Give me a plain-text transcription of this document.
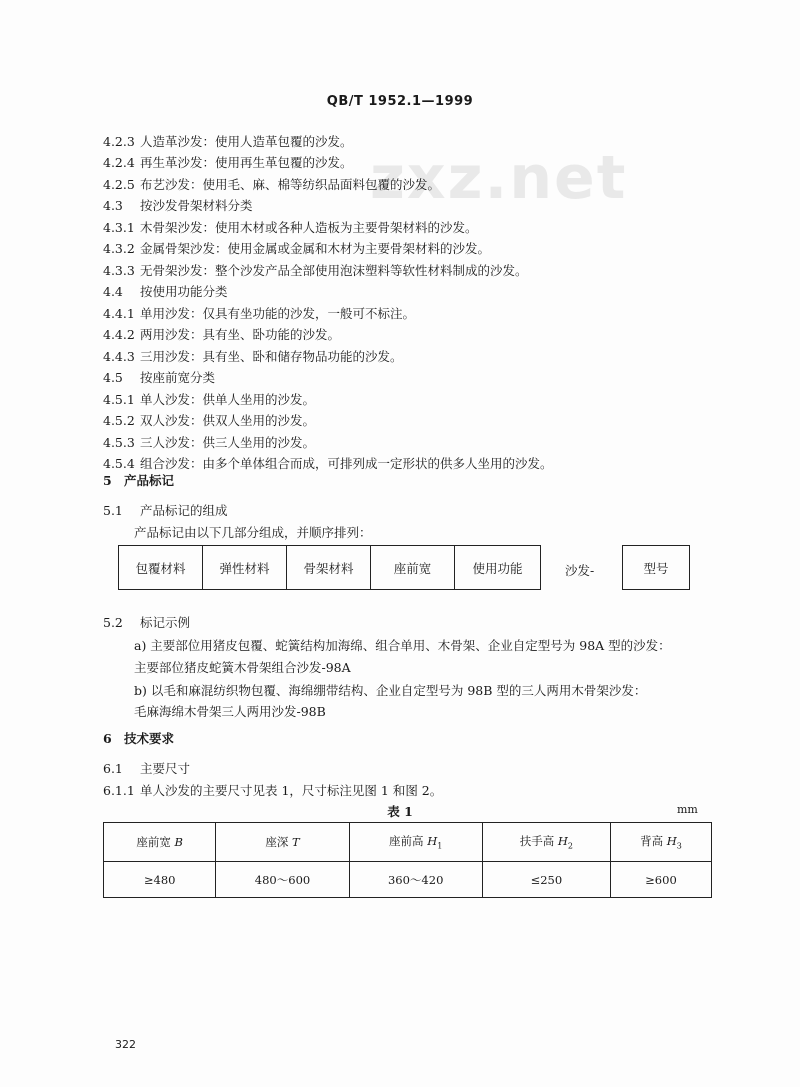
QB/T 1952.1—1999
zxz.net
4.2.3 人造革沙发：使用人造革包覆的沙发。
4.2.4 再生革沙发：使用再生革包覆的沙发。
4.2.5 布艺沙发：使用毛、麻、棉等纺织品面料包覆的沙发。
4.3 按沙发骨架材料分类
4.3.1 木骨架沙发：使用木材或各种人造板为主要骨架材料的沙发。
4.3.2 金属骨架沙发：使用金属或金属和木材为主要骨架材料的沙发。
4.3.3 无骨架沙发：整个沙发产品全部使用泡沫塑料等软性材料制成的沙发。
4.4 按使用功能分类
4.4.1 单用沙发：仅具有坐功能的沙发，一般可不标注。
4.4.2 两用沙发：具有坐、卧功能的沙发。
4.4.3 三用沙发：具有坐、卧和储存物品功能的沙发。
4.5 按座前宽分类
4.5.1 单人沙发：供单人坐用的沙发。
4.5.2 双人沙发：供双人坐用的沙发。
4.5.3 三人沙发：供三人坐用的沙发。
4.5.4 组合沙发：由多个单体组合而成，可排列成一定形状的供多人坐用的沙发。
5 产品标记
5.1 产品标记的组成
产品标记由以下几部分组成，并顺序排列：
包覆材料	弹性材料	骨架材料	座前宽	使用功能	沙发-	型号
5.2 标记示例
a) 主要部位用猪皮包覆、蛇簧结构加海绵、组合单用、木骨架、企业自定型号为 98A 型的沙发：
主要部位猪皮蛇簧木骨架组合沙发-98A
b) 以毛和麻混纺织物包覆、海绵绷带结构、企业自定型号为 98B 型的三人两用木骨架沙发：
毛麻海绵木骨架三人两用沙发-98B
6 技术要求
6.1 主要尺寸
6.1.1 单人沙发的主要尺寸见表 1，尺寸标注见图 1 和图 2。
表 1	mm
座前宽 B	座深 T	座前高 $H_1$	扶手高 $H_2$	背高 $H_3$
≥480	480～600	360～420	≤250	≥600
322
